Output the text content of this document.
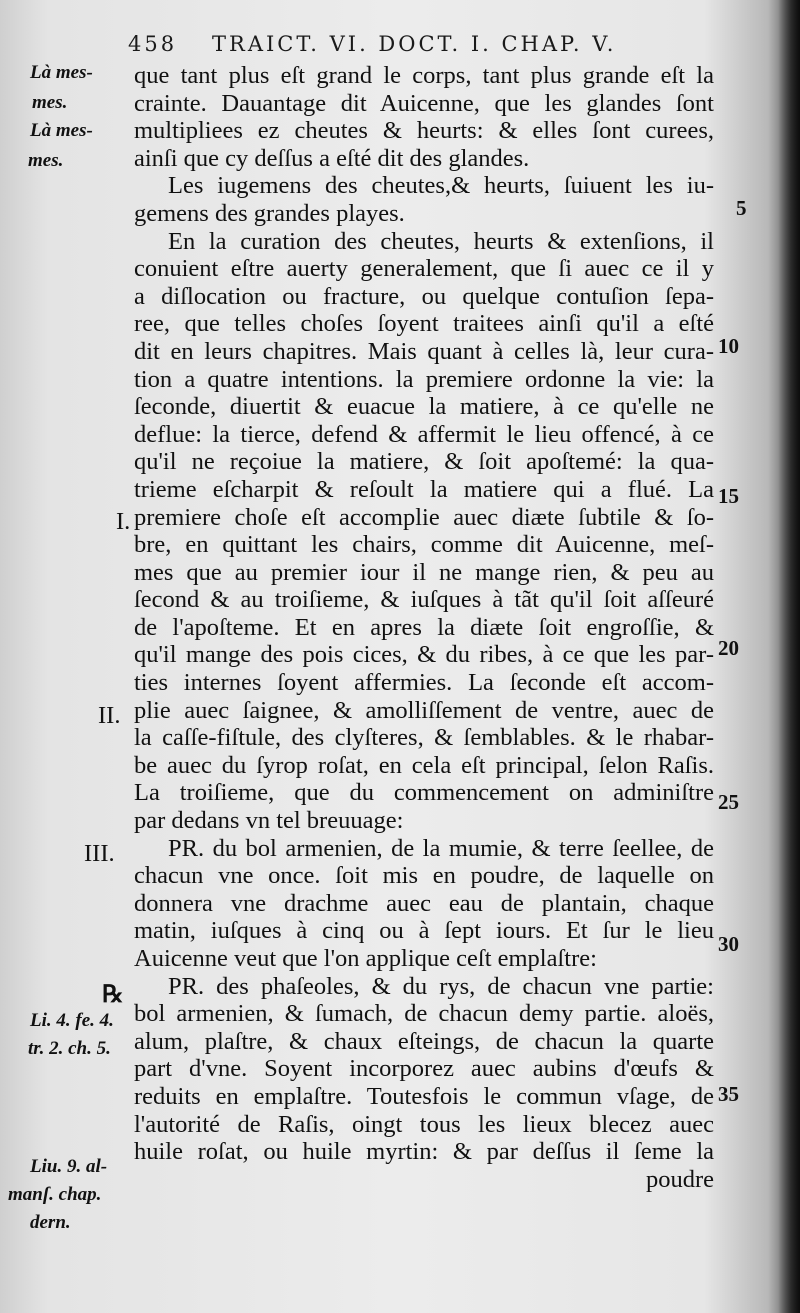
458 TRAICT. VI. DOCT. I. CHAP. V.
Là mes-
mes.
Là mes-
mes.
Li. 4. fe. 4.
tr. 2. ch. 5.
Liu. 9. al-
manſ. chap.
dern.
I.
II.
III.
℞
5
10
15
20
25
30
35
que tant plus eſt grand le corps, tant plus grande eſt la
crainte. Dauantage dit Auicenne, que les glandes ſont
multipliees ez cheutes & heurts: & elles ſont curees,
ainſi que cy deſſus a eſté dit des glandes.
Les iugemens des cheutes,& heurts, ſuiuent les iu-
gemens des grandes playes.
En la curation des cheutes, heurts & extenſions, il
conuient eſtre auerty generalement, que ſi auec ce il y
a diſlocation ou fracture, ou quelque contuſion ſepa-
ree, que telles choſes ſoyent traitees ainſi qu'il a eſté
dit en leurs chapitres. Mais quant à celles là, leur cura-
tion a quatre intentions. la premiere ordonne la vie: la
ſeconde, diuertit & euacue la matiere, à ce qu'elle ne
deflue: la tierce, defend & affermit le lieu offencé, à ce
qu'il ne reçoiue la matiere, & ſoit apoſtemé: la qua-
trieme eſcharpit & reſoult la matiere qui a flué. La
premiere choſe eſt accomplie auec diæte ſubtile & ſo-
bre, en quittant les chairs, comme dit Auicenne, meſ-
mes que au premier iour il ne mange rien, & peu au
ſecond & au troiſieme, & iuſques à tãt qu'il ſoit aſſeuré
de l'apoſteme. Et en apres la diæte ſoit engroſſie, &
qu'il mange des pois cices, & du ribes, à ce que les par-
ties internes ſoyent affermies. La ſeconde eſt accom-
plie auec ſaignee, & amolliſſement de ventre, auec de
la caſſe-fiſtule, des clyſteres, & ſemblables. & le rhabar-
be auec du ſyrop roſat, en cela eſt principal, ſelon Raſis.
La troiſieme, que du commencement on adminiſtre
par dedans vn tel breuuage:
PR. du bol armenien, de la mumie, & terre ſeellee, de
chacun vne once. ſoit mis en poudre, de laquelle on
donnera vne drachme auec eau de plantain, chaque
matin, iuſques à cinq ou à ſept iours. Et ſur le lieu
Auicenne veut que l'on applique ceſt emplaſtre:
PR. des phaſeoles, & du rys, de chacun vne partie:
bol armenien, & ſumach, de chacun demy partie. aloës,
alum, plaſtre, & chaux eſteings, de chacun la quarte
part d'vne. Soyent incorporez auec aubins d'œufs &
reduits en emplaſtre. Toutesfois le commun vſage, de
l'autorité de Raſis, oingt tous les lieux blecez auec
huile roſat, ou huile myrtin: & par deſſus il ſeme la
poudre
